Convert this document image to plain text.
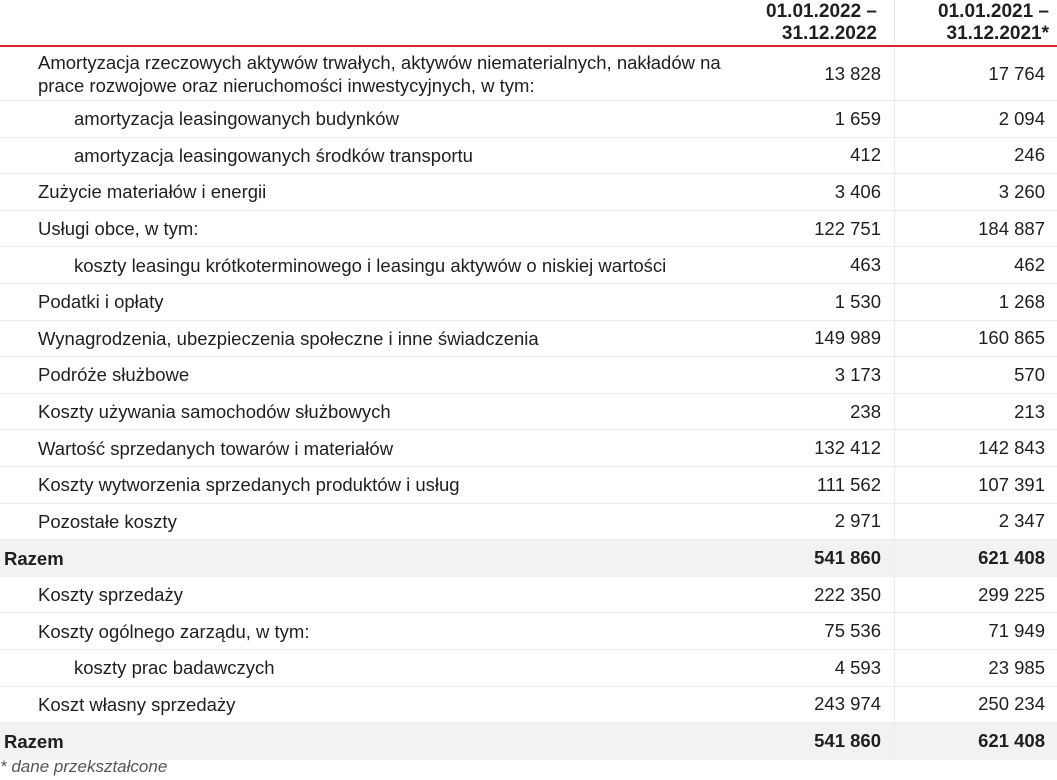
01.01.2022 –
31.12.2022
01.01.2021 –
31.12.2021*
Amortyzacja rzeczowych aktywów trwałych, aktywów niematerialnych, nakładów na
prace rozwojowe oraz nieruchomości inwestycyjnych, w tym:
13 828	17 764
amortyzacja leasingowanych budynków	1 659	2 094
amortyzacja leasingowanych środków transportu	412	246
Zużycie materiałów i energii	3 406	3 260
Usługi obce, w tym:	122 751	184 887
koszty leasingu krótkoterminowego i leasingu aktywów o niskiej wartości	463	462
Podatki i opłaty	1 530	1 268
Wynagrodzenia, ubezpieczenia społeczne i inne świadczenia	149 989	160 865
Podróże służbowe	3 173	570
Koszty używania samochodów służbowych	238	213
Wartość sprzedanych towarów i materiałów	132 412	142 843
Koszty wytworzenia sprzedanych produktów i usług	111 562	107 391
Pozostałe koszty	2 971	2 347
Razem	541 860	621 408
Koszty sprzedaży	222 350	299 225
Koszty ogólnego zarządu, w tym:	75 536	71 949
koszty prac badawczych	4 593	23 985
Koszt własny sprzedaży	243 974	250 234
Razem	541 860	621 408
* dane przekształcone
